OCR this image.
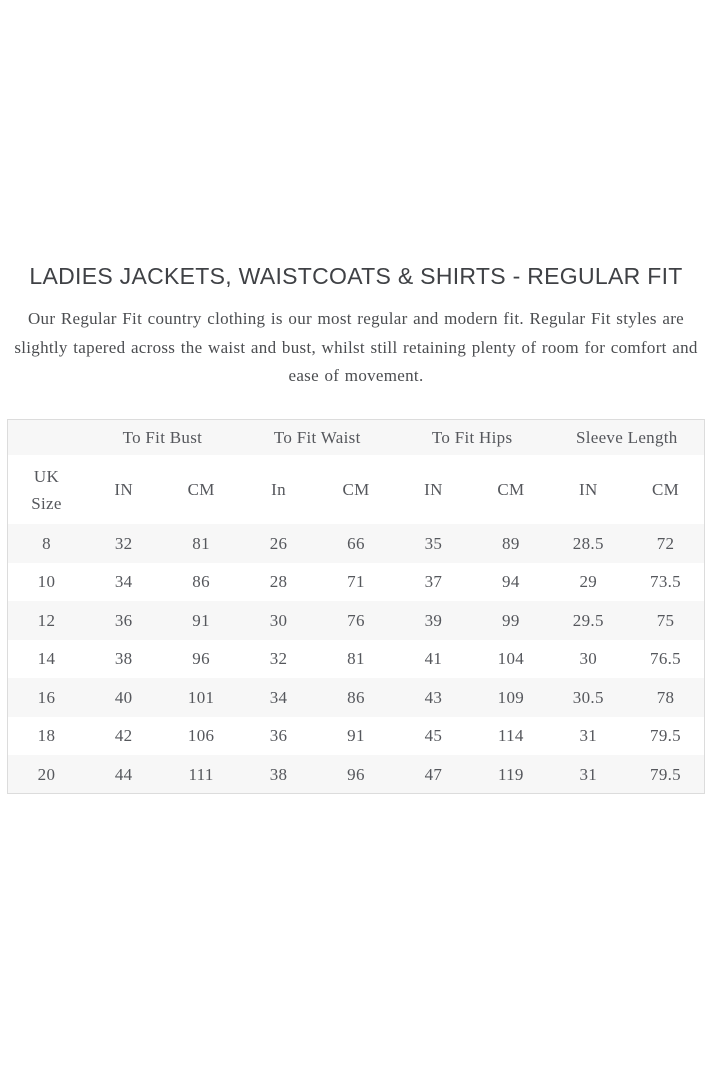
LADIES JACKETS, WAISTCOATS & SHIRTS - REGULAR FIT

Our Regular Fit country clothing is our most regular and modern fit. Regular Fit styles are slightly tapered across the waist and bust, whilst still retaining plenty of room for comfort and ease of movement.

	To Fit Bust		To Fit Waist		To Fit Hips		Sleeve Length	
UK Size	IN	CM	In	CM	IN	CM	IN	CM
8	32	81	26	66	35	89	28.5	72
10	34	86	28	71	37	94	29	73.5
12	36	91	30	76	39	99	29.5	75
14	38	96	32	81	41	104	30	76.5
16	40	101	34	86	43	109	30.5	78
18	42	106	36	91	45	114	31	79.5
20	44	111	38	96	47	119	31	79.5
